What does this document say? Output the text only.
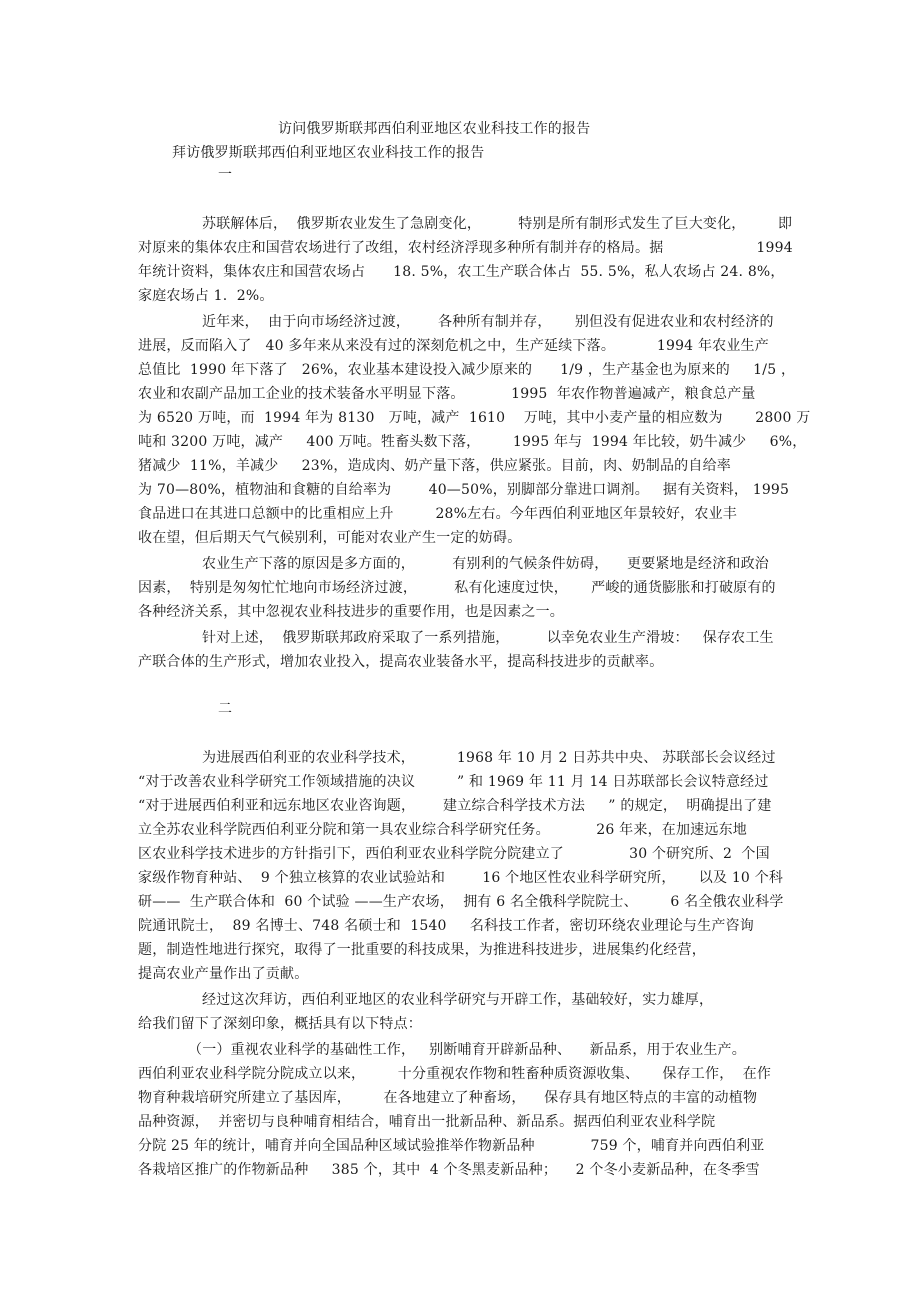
访问俄罗斯联邦西伯利亚地区农业科技工作的报告
拜访俄罗斯联邦西伯利亚地区农业科技工作的报告
一
二
苏联解体后，  俄罗斯农业发生了急剧变化，        特别是所有制形式发生了巨大变化，       即
对原来的集体农庄和国营农场进行了改组，农村经济浮现多种所有制并存的格局。据                    1994
年统计资料，集体农庄和国营农场占      18. 5%，农工生产联合体占  55. 5%，私人农场占 24. 8%，
家庭农场占 1.  2%。
近年来，  由于向市场经济过渡，      各种所有制并存，     别但没有促进农业和农村经济的
进展，反而陷入了   40 多年来从来没有过的深刻危机之中，生产延续下落。         1994 年农业生产
总值比  1990 年下落了   26%，农业基本建设投入减少原来的      1/9 ，生产基金也为原来的     1/5 ，
农业和农副产品加工企业的技术装备水平明显下落。          1995  年农作物普遍减产，粮食总产量
为 6520 万吨，而  1994 年为 8130   万吨，减产  1610    万吨，其中小麦产量的相应数为       2800 万
吨和 3200 万吨，减产     400 万吨。牲畜头数下落，       1995 年与  1994 年比较，奶牛减少     6%，
猪减少  11%，羊减少     23%，造成肉、奶产量下落，供应紧张。目前，肉、奶制品的自给率
为 70—80%，植物油和食糖的自给率为        40—50%，别脚部分靠进口调剂。   据有关资料， 1995
食品进口在其进口总额中的比重相应上升         28%左右。今年西伯利亚地区年景较好，农业丰
收在望，但后期天气气候别利，可能对农业产生一定的妨碍。
农业生产下落的原因是多方面的，        有别利的气候条件妨碍，    更要紧地是经济和政治
因素，  特别是匆匆忙忙地向市场经济过渡，        私有化速度过快，     严峻的通货膨胀和打破原有的
各种经济关系，其中忽视农业科技进步的重要作用，也是因素之一。
针对上述，  俄罗斯联邦政府采取了一系列措施，        以幸免农业生产滑坡：   保存农工生
产联合体的生产形式，增加农业投入，提高农业装备水平，提高科技进步的贡献率。
为进展西伯利亚的农业科学技术，         1968 年 10 月 2 日苏共中央、 苏联部长会议经过
“对于改善农业科学研究工作领域措施的决议         ” 和 1969 年 11 月 14 日苏联部长会议特意经过
“对于进展西伯利亚和远东地区农业咨询题，      建立综合科学技术方法     ” 的规定，  明确提出了建
立全苏农业科学院西伯利亚分院和第一具农业综合科学研究任务。          26 年来，在加速远东地
区农业科学技术进步的方针指引下，西伯利亚农业科学院分院建立了              30 个研究所、2  个国
家级作物育种站、  9 个独立核算的农业试验站和        16 个地区性农业科学研究所，     以及 10 个科
研——  生产联合体和  60 个试验 ——生产农场，  拥有 6 名全俄科学院院士、       6 名全俄农业科学
院通讯院士，  89 名博士、748 名硕士和  1540     名科技工作者，密切环绕农业理论与生产咨询
题，制造性地进行探究，取得了一批重要的科技成果，为推进科技进步，进展集约化经营，
提高农业产量作出了贡献。
经过这次拜访，西伯利亚地区的农业科学研究与开辟工作，基础较好，实力雄厚，
给我们留下了深刻印象，概括具有以下特点：
（一）重视农业科学的基础性工作，   别断哺育开辟新品种、    新品系，用于农业生产。
西伯利亚农业科学院分院成立以来，       十分重视农作物和牲畜种质资源收集、     保存工作，  在作
物育种栽培研究所建立了基因库，       在各地建立了种畜场，    保存具有地区特点的丰富的动植物
品种资源，  并密切与良种哺育相结合，哺育出一批新品种、新品系。据西伯利亚农业科学院
分院 25 年的统计，哺育并向全国品种区域试验推举作物新品种            759 个，哺育并向西伯利亚
各栽培区推广的作物新品种     385 个，其中  4 个冬黑麦新品种；    2 个冬小麦新品种，在冬季雪
